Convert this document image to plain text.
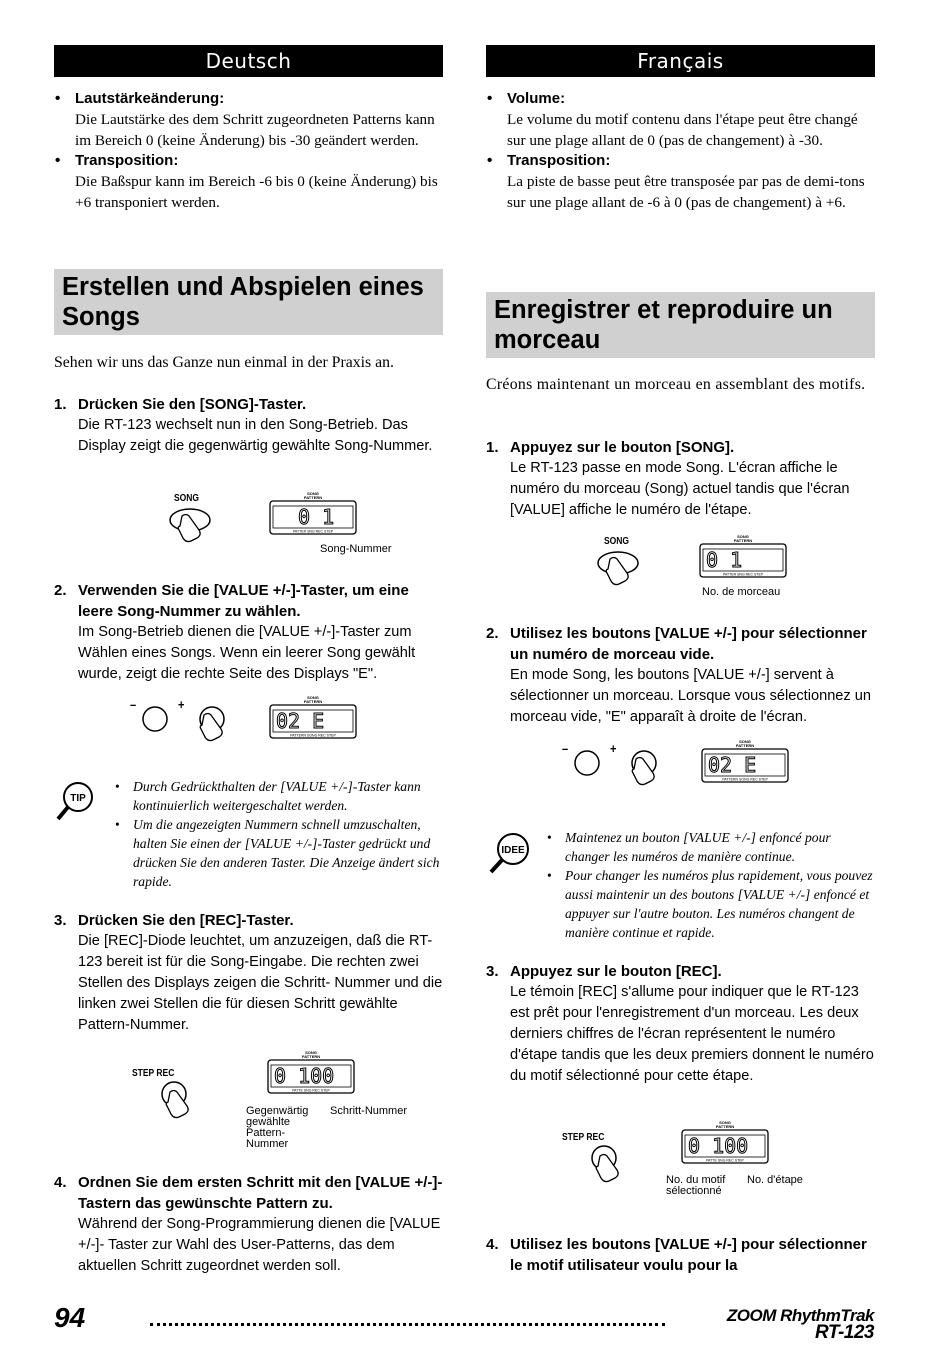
Deutsch
• Lautstärkeänderung:
Die Lautstärke des dem Schritt zugeordneten Patterns kann im Bereich 0 (keine Änderung) bis -30 geändert werden.
• Transposition:
Die Baßspur kann im Bereich -6 bis 0 (keine Änderung) bis +6 transponiert werden.
Erstellen und Abspielen eines Songs
Sehen wir uns das Ganze nun einmal in der Praxis an.
1. Drücken Sie den [SONG]-Taster.
Die RT-123 wechselt nun in den Song-Betrieb. Das Display zeigt die gegenwärtig gewählte Song-Nummer.
SONG	SONG
PATTERN
0 1
PATTER SNG REC STEP
Song-Nummer
2. Verwenden Sie die [VALUE +/-]-Taster, um eine leere Song-Nummer zu wählen.
Im Song-Betrieb dienen die [VALUE +/-]-Taster zum Wählen eines Songs. Wenn ein leerer Song gewählt wurde, zeigt die rechte Seite des Displays "E".
–	+	SONG
PATTERN
02 E
PATTERN SONG REC STEP
TIP
• Durch Gedrückthalten der [VALUE +/-]-Taster kann kontinuierlich weitergeschaltet werden.
• Um die angezeigten Nummern schnell umzuschalten, halten Sie einen der [VALUE +/-]-Taster gedrückt und drücken Sie den anderen Taster. Die Anzeige ändert sich rapide.
3. Drücken Sie den [REC]-Taster.
Die [REC]-Diode leuchtet, um anzuzeigen, daß die RT-123 bereit ist für die Song-Eingabe. Die rechten zwei Stellen des Displays zeigen die Schritt- Nummer und die linken zwei Stellen die für diesen Schritt gewählte Pattern-Nummer.
STEP REC
SONG
PATTERN
0 100
PATTE SNG REC STEP
Gegenwärtig gewählte Pattern-Nummer
Schritt-Nummer
4. Ordnen Sie dem ersten Schritt mit den [VALUE +/-]-Tastern das gewünschte Pattern zu.
Während der Song-Programmierung dienen die [VALUE +/-]- Taster zur Wahl des User-Patterns, das dem aktuellen Schritt zugeordnet werden soll.
Français
• Volume:
Le volume du motif contenu dans l'étape peut être changé sur une plage allant de 0 (pas de changement) à -30.
• Transposition:
La piste de basse peut être transposée par pas de demi-tons sur une plage allant de -6 à 0 (pas de changement) à +6.
Enregistrer et reproduire un morceau
Créons maintenant un morceau en assemblant des motifs.
1. Appuyez sur le bouton [SONG].
Le RT-123 passe en mode Song. L'écran affiche le numéro du morceau (Song) actuel tandis que l'écran [VALUE] affiche le numéro de l'étape.
SONG	SONG
PATTERN
0 1
PATTER SNG REC STEP
No. de morceau
2. Utilisez les boutons [VALUE +/-] pour sélectionner un numéro de morceau vide.
En mode Song, les boutons [VALUE +/-] servent à sélectionner un morceau. Lorsque vous sélectionnez un morceau vide, "E" apparaît à droite de l'écran.
–	+	SONG
PATTERN
02 E
PATTERN SONG REC STEP
IDEE
• Maintenez un bouton [VALUE +/-] enfoncé pour changer les numéros de manière continue.
• Pour changer les numéros plus rapidement, vous pouvez aussi maintenir un des boutons [VALUE +/-] enfoncé et appuyer sur l'autre bouton. Les numéros changent de manière continue et rapide.
3. Appuyez sur le bouton [REC].
Le témoin [REC] s'allume pour indiquer que le RT-123 est prêt pour l'enregistrement d'un morceau. Les deux derniers chiffres de l'écran représentent le numéro d'étape tandis que les deux premiers donnent le numéro du motif sélectionné pour cette étape.
STEP REC
SONG
PATTERN
0 100
PATTE SNG REC STEP
No. du motif sélectionné
No. d'étape
4. Utilisez les boutons [VALUE +/-] pour sélectionner le motif utilisateur voulu pour la
94	ZOOM RhythmTrak
RT-123
